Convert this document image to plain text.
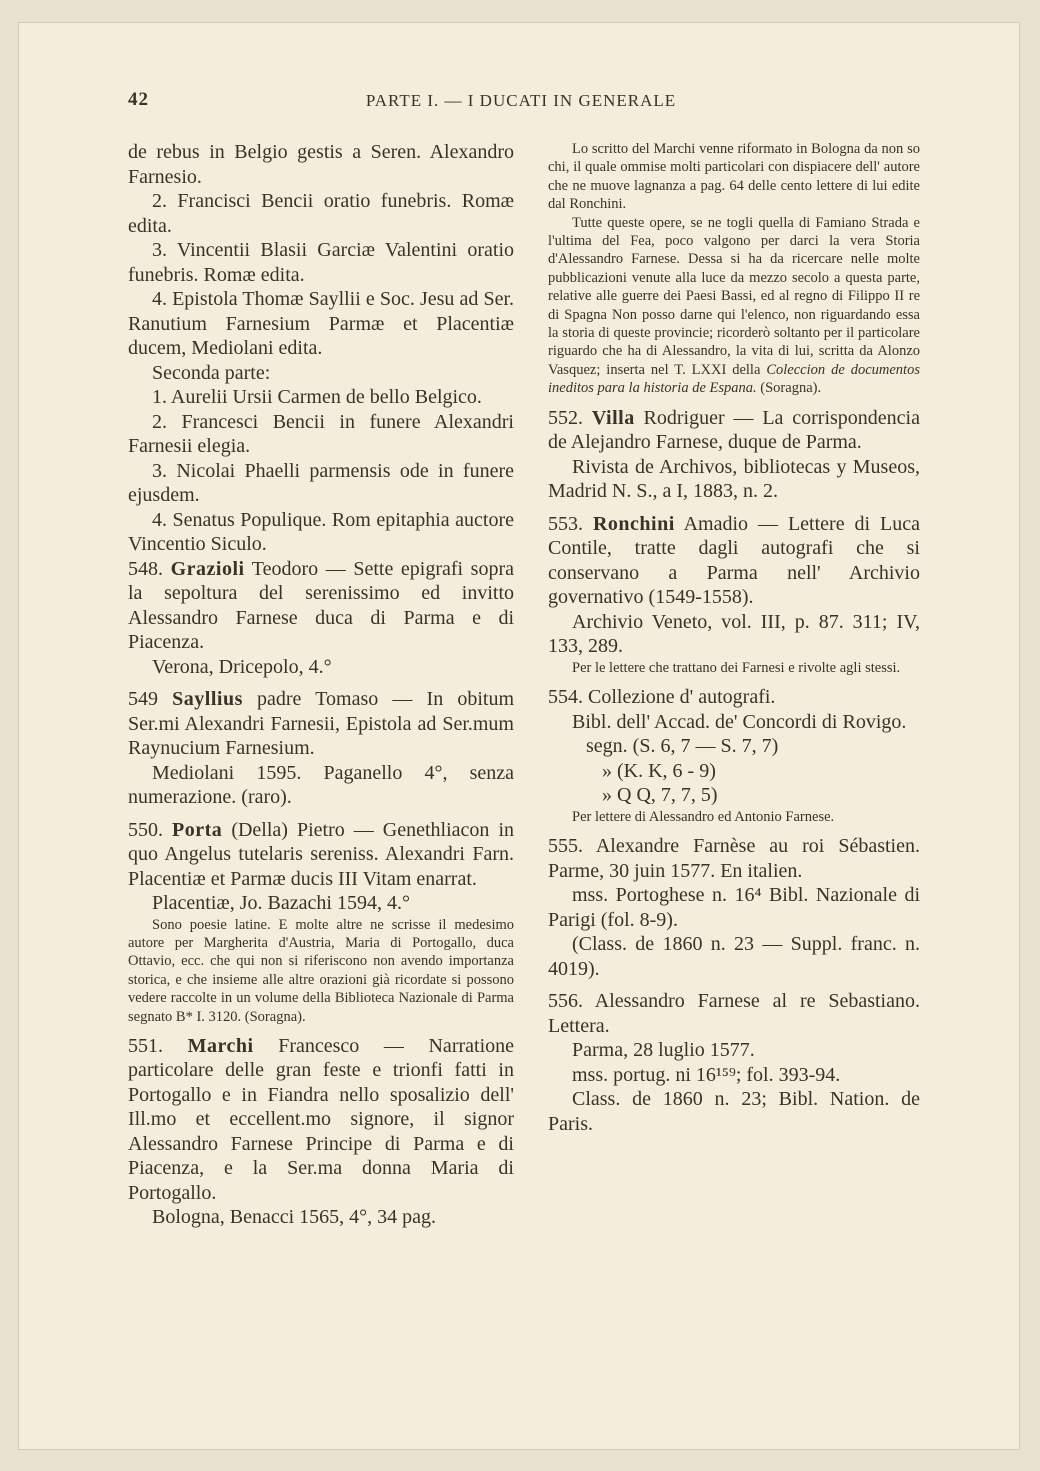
42	PARTE I. — I DUCATI IN GENERALE

de rebus in Belgio gestis a Seren. Alexandro Farnesio.

2. Francisci Bencii oratio funebris. Romæ edita.

3. Vincentii Blasii Garciæ Valentini oratio funebris. Romæ edita.

4. Epistola Thomæ Sayllii e Soc. Jesu ad Ser. Ranutium Farnesium Parmæ et Placentiæ ducem, Mediolani edita.

Seconda parte:

1. Aurelii Ursii Carmen de bello Belgico.

2. Francesci Bencii in funere Alexandri Farnesii elegia.

3. Nicolai Phaelli parmensis ode in funere ejusdem.

4. Senatus Populique. Rom epitaphia auctore Vincentio Siculo.

548. Grazioli Teodoro — Sette epigrafi sopra la sepoltura del serenissimo ed invitto Alessandro Farnese duca di Parma e di Piacenza.

Verona, Dricepolo, 4.°

549 Sayllius padre Tomaso — In obitum Ser.mi Alexandri Farnesii, Epistola ad Ser.mum Raynucium Farnesium.

Mediolani 1595. Paganello 4°, senza numerazione. (raro).

550. Porta (Della) Pietro — Genethliacon in quo Angelus tutelaris sereniss. Alexandri Farn. Placentiæ et Parmæ ducis III Vitam enarrat.

Placentiæ, Jo. Bazachi 1594, 4.°

Sono poesie latine. E molte altre ne scrisse il medesimo autore per Margherita d'Austria, Maria di Portogallo, duca Ottavio, ecc. che qui non si riferiscono non avendo importanza storica, e che insieme alle altre orazioni già ricordate si possono vedere raccolte in un volume della Biblioteca Nazionale di Parma segnato B* I. 3120. (Soragna).

551. Marchi Francesco — Narratione particolare delle gran feste e trionfi fatti in Portogallo e in Fiandra nello sposalizio dell' Ill.mo et eccellent.mo signore, il signor Alessandro Farnese Principe di Parma e di Piacenza, e la Ser.ma donna Maria di Portogallo.

Bologna, Benacci 1565, 4°, 34 pag.

Lo scritto del Marchi venne riformato in Bologna da non so chi, il quale ommise molti particolari con dispiacere dell' autore che ne muove lagnanza a pag. 64 delle cento lettere di lui edite dal Ronchini.

Tutte queste opere, se ne togli quella di Famiano Strada e l'ultima del Fea, poco valgono per darci la vera Storia d'Alessandro Farnese. Dessa si ha da ricercare nelle molte pubblicazioni venute alla luce da mezzo secolo a questa parte, relative alle guerre dei Paesi Bassi, ed al regno di Filippo II re di Spagna Non posso darne qui l'elenco, non riguardando essa la storia di queste provincie; ricorderò soltanto per il particolare riguardo che ha di Alessandro, la vita di lui, scritta da Alonzo Vasquez; inserta nel T. LXXI della Coleccion de documentos ineditos para la historia de Espana. (Soragna).

552. Villa Rodriguer — La corrispondencia de Alejandro Farnese, duque de Parma.

Rivista de Archivos, bibliotecas y Museos, Madrid N. S., a I, 1883, n. 2.

553. Ronchini Amadio — Lettere di Luca Contile, tratte dagli autografi che si conservano a Parma nell' Archivio governativo (1549-1558).

Archivio Veneto, vol. III, p. 87. 311; IV, 133, 289.

Per le lettere che trattano dei Farnesi e rivolte agli stessi.

554. Collezione d' autografi.

Bibl. dell' Accad. de' Concordi di Rovigo.

segn. (S. 6, 7 — S. 7, 7)

» (K. K, 6 - 9)

» Q Q, 7, 7, 5)

Per lettere di Alessandro ed Antonio Farnese.

555. Alexandre Farnèse au roi Sébastien. Parme, 30 juin 1577. En italien.

mss. Portoghese n. 16⁴ Bibl. Nazionale di Parigi (fol. 8-9).

(Class. de 1860 n. 23 — Suppl. franc. n. 4019).

556. Alessandro Farnese al re Sebastiano. Lettera.

Parma, 28 luglio 1577.

mss. portug. ni 16¹⁵⁹; fol. 393-94.

Class. de 1860 n. 23; Bibl. Nation. de Paris.
